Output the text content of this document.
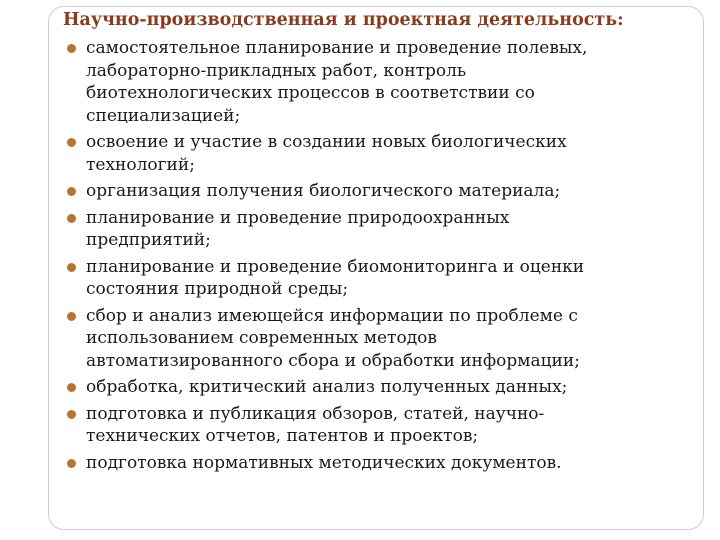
Научно-производственная и проектная деятельность:
самостоятельное планирование и проведение полевых,
лабораторно-прикладных работ, контроль
биотехнологических процессов в соответствии со
специализацией;
освоение и участие в создании новых биологических
технологий;
организация получения биологического материала;
планирование и проведение природоохранных
предприятий;
планирование и проведение биомониторинга и оценки
состояния природной среды;
сбор и анализ имеющейся информации по проблеме с
использованием современных методов
автоматизированного сбора и обработки информации;
обработка, критический анализ полученных данных;
подготовка и публикация обзоров, статей, научно-
технических отчетов, патентов и проектов;
подготовка нормативных методических документов.
